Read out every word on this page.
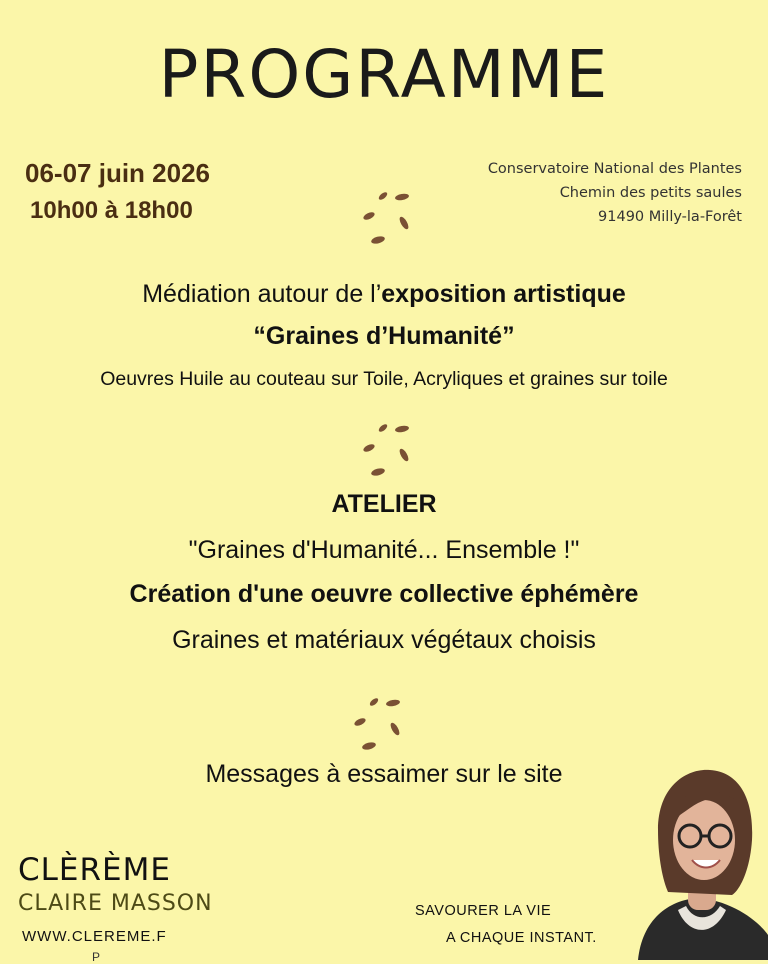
PROGRAMME
06-07 juin 2026
10h00 à 18h00
Conservatoire National des Plantes
Chemin des petits saules
91490 Milly-la-Forêt
Médiation autour de l’exposition artistique
“Graines d’Humanité”
Oeuvres Huile au couteau sur Toile, Acryliques et graines sur toile
ATELIER
"Graines d'Humanité... Ensemble !"
Création d'une oeuvre collective éphémère
Graines et matériaux végétaux choisis
Messages à essaimer sur le site
CLÈRÈME
CLAIRE MASSON
WWW.CLEREME.F
P
SAVOURER LA VIE
A CHAQUE INSTANT.
